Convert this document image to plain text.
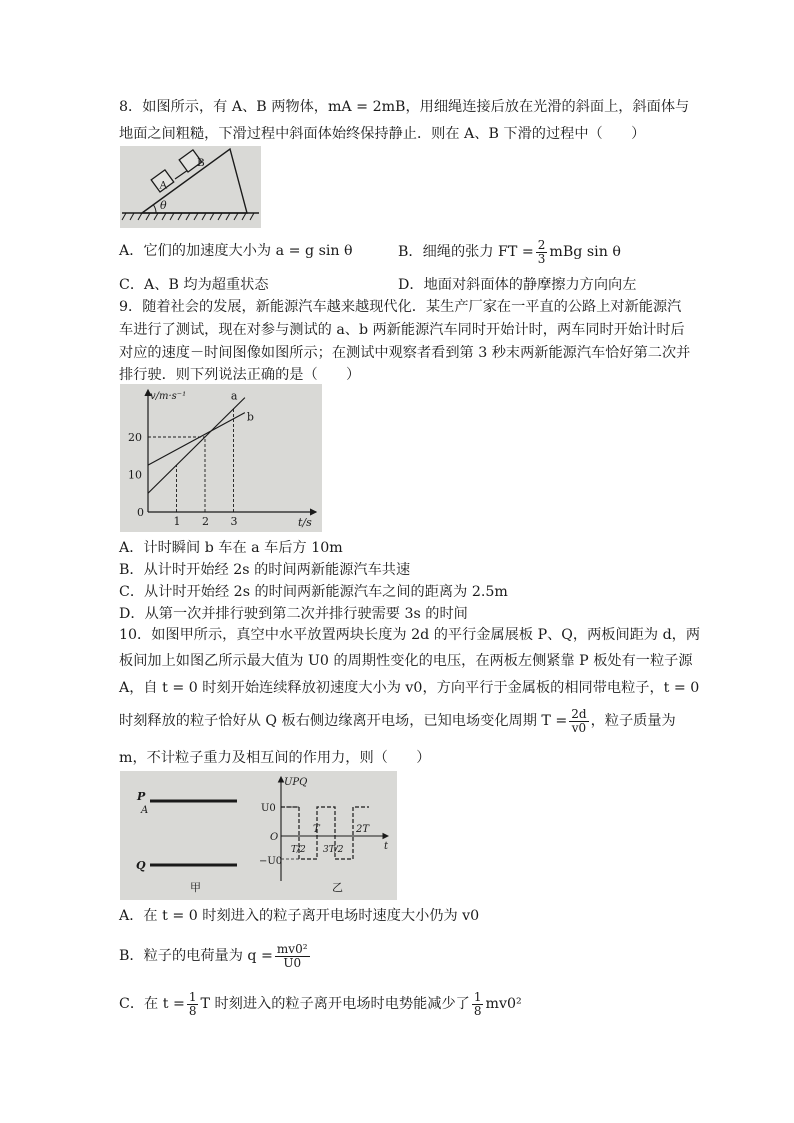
8．如图所示，有 A、B 两物体，mA = 2mB，用细绳连接后放在光滑的斜面上，斜面体与
地面之间粗糙，下滑过程中斜面体始终保持静止．则在 A、B 下滑的过程中（　　）
θ
A
B
A．它们的加速度大小为 a = g sin θ	B．细绳的张力 FT = $\frac{2}{3}$ mBg sin θ
C．A、B 均为超重状态	D．地面对斜面体的静摩擦力方向向左
9．随着社会的发展，新能源汽车越来越现代化．某生产厂家在一平直的公路上对新能源汽
车进行了测试，现在对参与测试的 a、b 两新能源汽车同时开始计时，两车同时开始计时后
对应的速度－时间图像如图所示；在测试中观察者看到第 3 秒末两新能源汽车恰好第二次并
排行驶．则下列说法正确的是（　　）
v/m·s⁻¹
t/s
0
a
b
1 2 3
10
20
A．计时瞬间 b 车在 a 车后方 10m
B．从计时开始经 2s 的时间两新能源汽车共速
C．从计时开始经 2s 的时间两新能源汽车之间的距离为 2.5m
D．从第一次并排行驶到第二次并排行驶需要 3s 的时间
10．如图甲所示，真空中水平放置两块长度为 2d 的平行金属展板 P、Q，两板间距为 d，两
板间加上如图乙所示最大值为 U0 的周期性变化的电压，在两板左侧紧靠 P 板处有一粒子源
A，自 t = 0 时刻开始连续释放初速度大小为 v0，方向平行于金属板的相同带电粒子，t = 0
时刻释放的粒子恰好从 Q 板右侧边缘离开电场，已知电场变化周期 $T = \frac{2d}{v0}$ ，粒子质量为
m，不计粒子重力及相互间的作用力，则（　　）
P
A
Q
甲
UPQ
U0
−U0
O
t
T/2
T
3T/2
2T
乙
A．在 t = 0 时刻进入的粒子离开电场时速度大小仍为 v0
B．粒子的电荷量为 $q = \frac{\text{mv0²}}{U0}$
C．在 $t = \frac{1}{8}$ T 时刻进入的粒子离开电场时电势能减少了 $\frac{1}{8} mv0^2$
